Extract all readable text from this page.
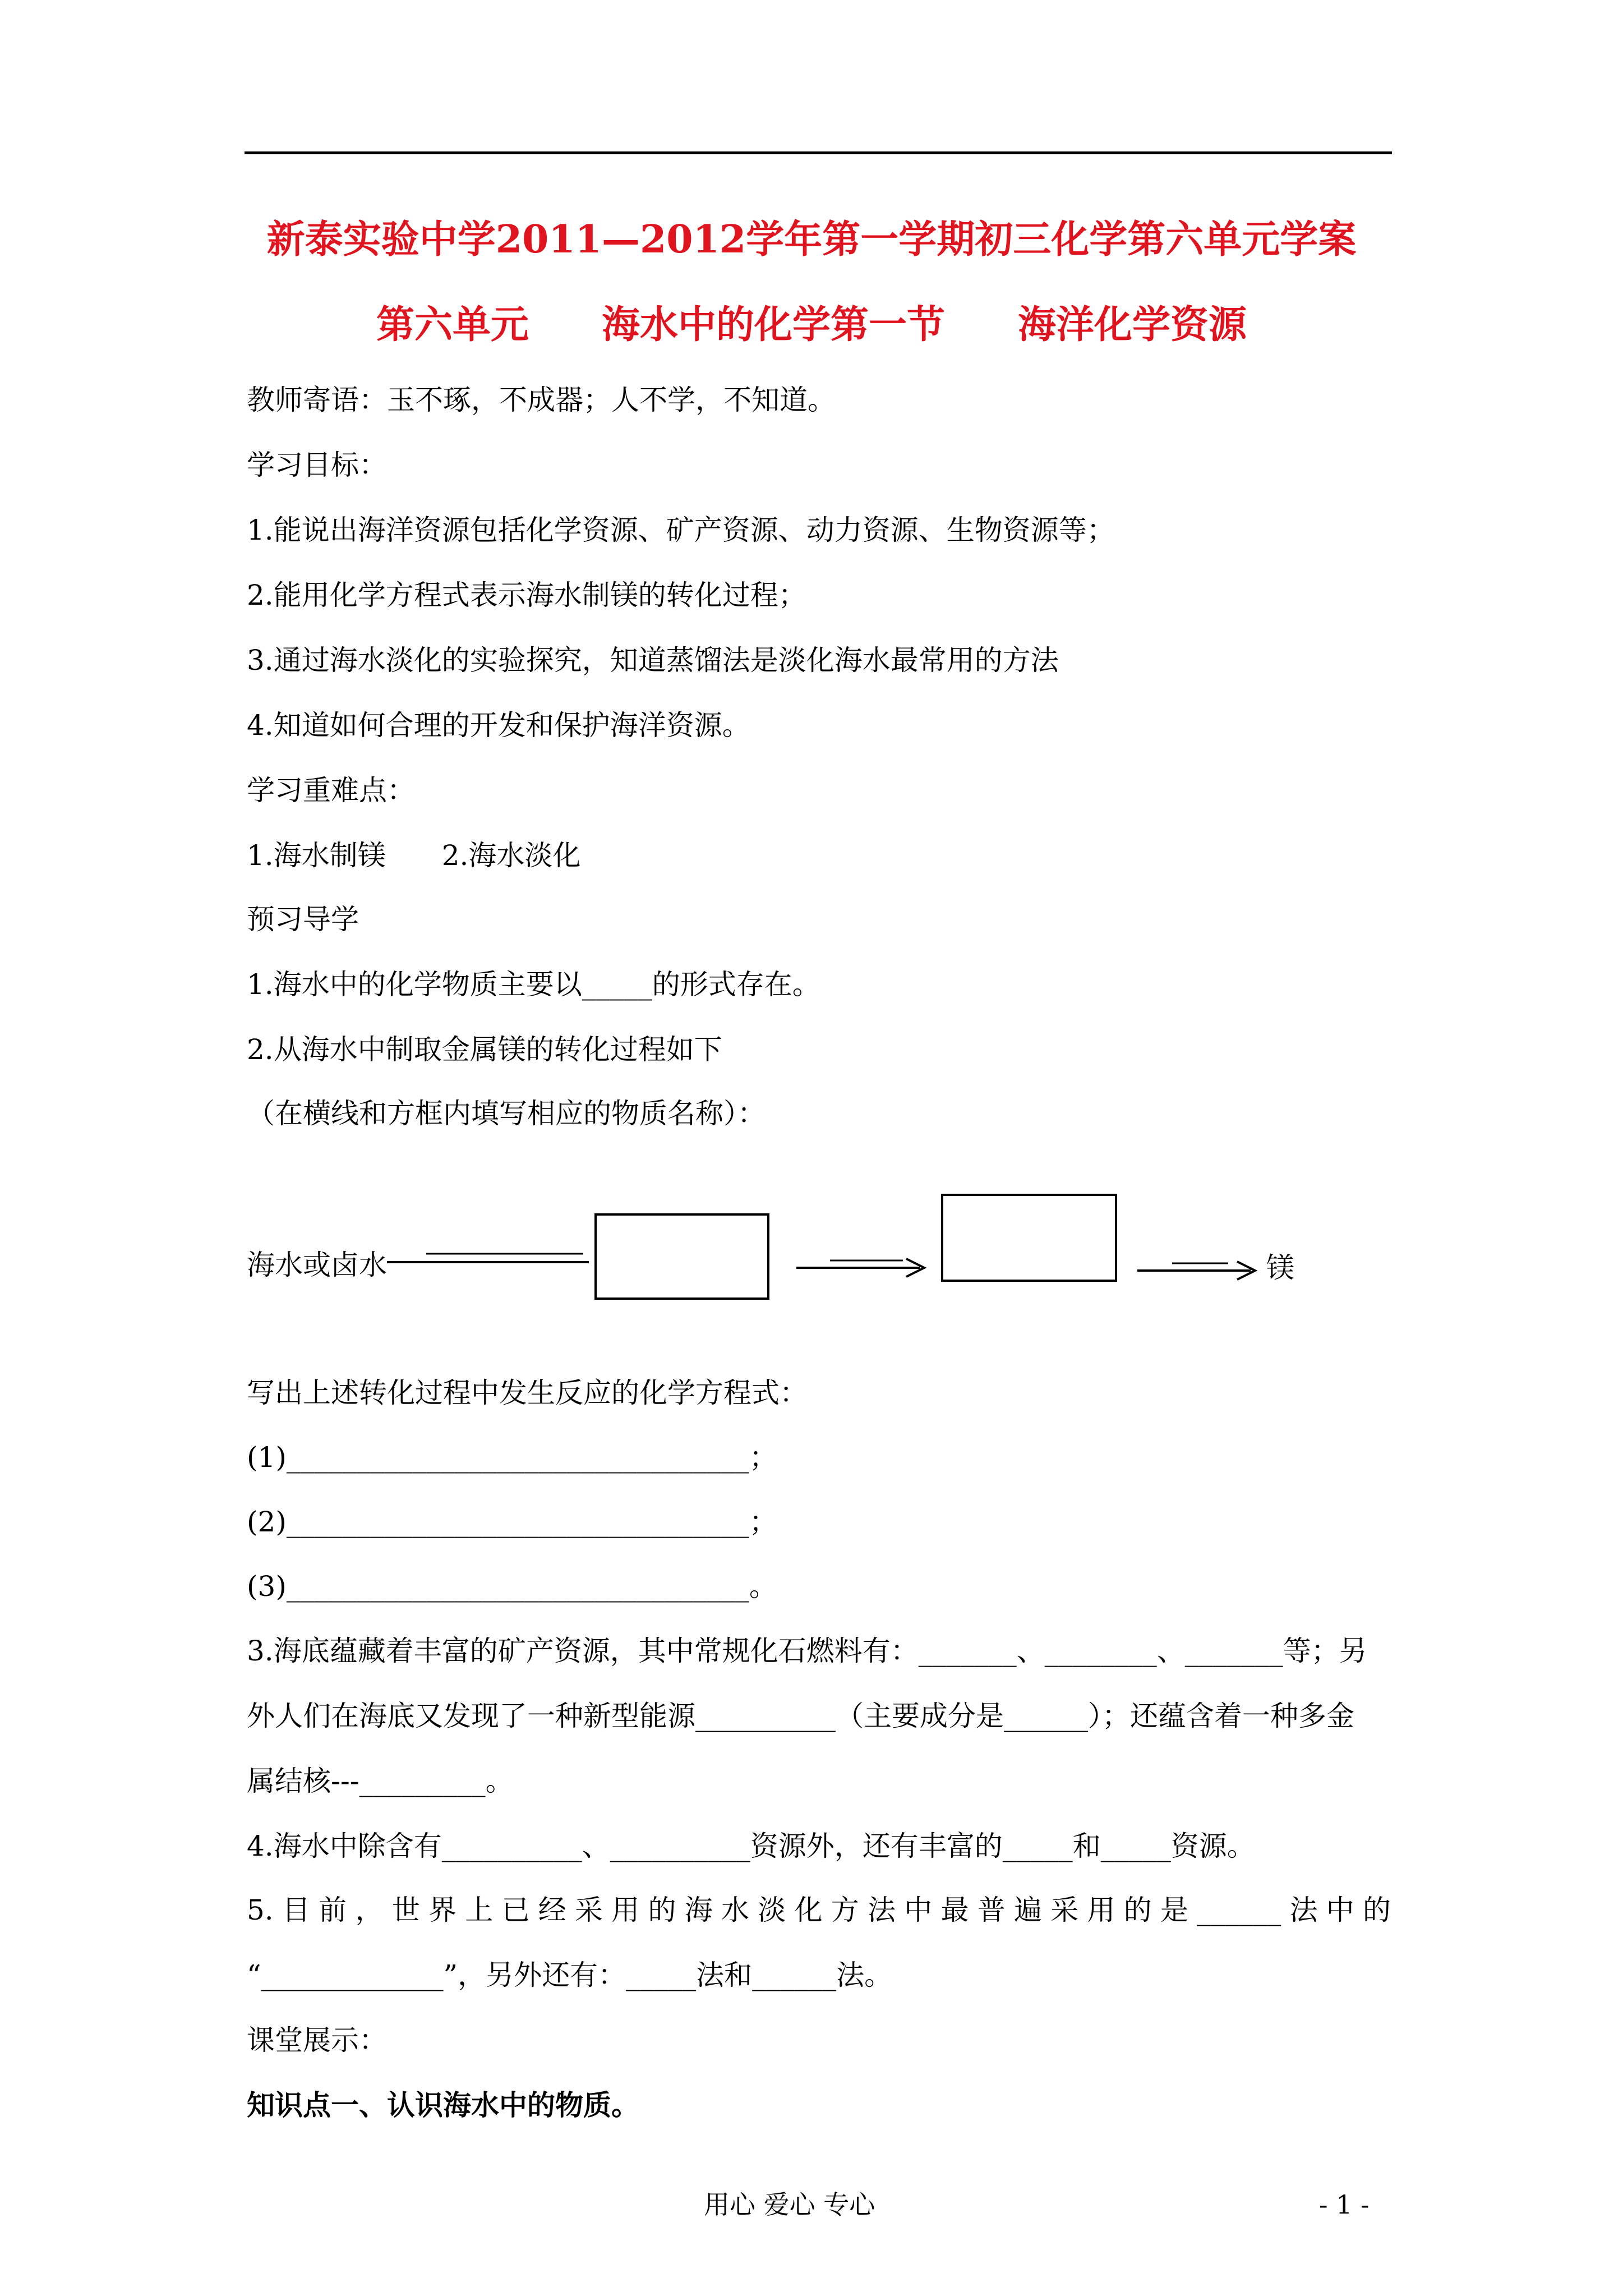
新泰实验中学2011—2012学年第一学期初三化学第六单元学案
第六单元 海水中的化学第一节 海洋化学资源
教师寄语：玉不琢，不成器；人不学，不知道。
学习目标：
1.能说出海洋资源包括化学资源、矿产资源、动力资源、生物资源等；
2.能用化学方程式表示海水制镁的转化过程；
3.通过海水淡化的实验探究，知道蒸馏法是淡化海水最常用的方法
4.知道如何合理的开发和保护海洋资源。
学习重难点：
1.海水制镁 2.海水淡化
预习导学
1.海水中的化学物质主要以_____的形式存在。
2.从海水中制取金属镁的转化过程如下
（在横线和方框内填写相应的物质名称）：
海水或卤水	镁
写出上述转化过程中发生反应的化学方程式：
(1)_________________________________；
(2)_________________________________；
(3)_________________________________。
3.海底蕴藏着丰富的矿产资源，其中常规化石燃料有：_______、________、_______等；另
外人们在海底又发现了一种新型能源__________（主要成分是______）；还蕴含着一种多金
属结核---_________。
4.海水中除含有__________、__________资源外，还有丰富的_____和_____资源。
5. 目 前 ， 世 界 上 已 经 采 用 的 海 水 淡 化 方 法 中 最 普 遍 采 用 的 是 ______ 法 中 的
“_____________”，另外还有：_____法和______法。
课堂展示：
知识点一、认识海水中的物质。
用心 爱心 专心	- 1 -
